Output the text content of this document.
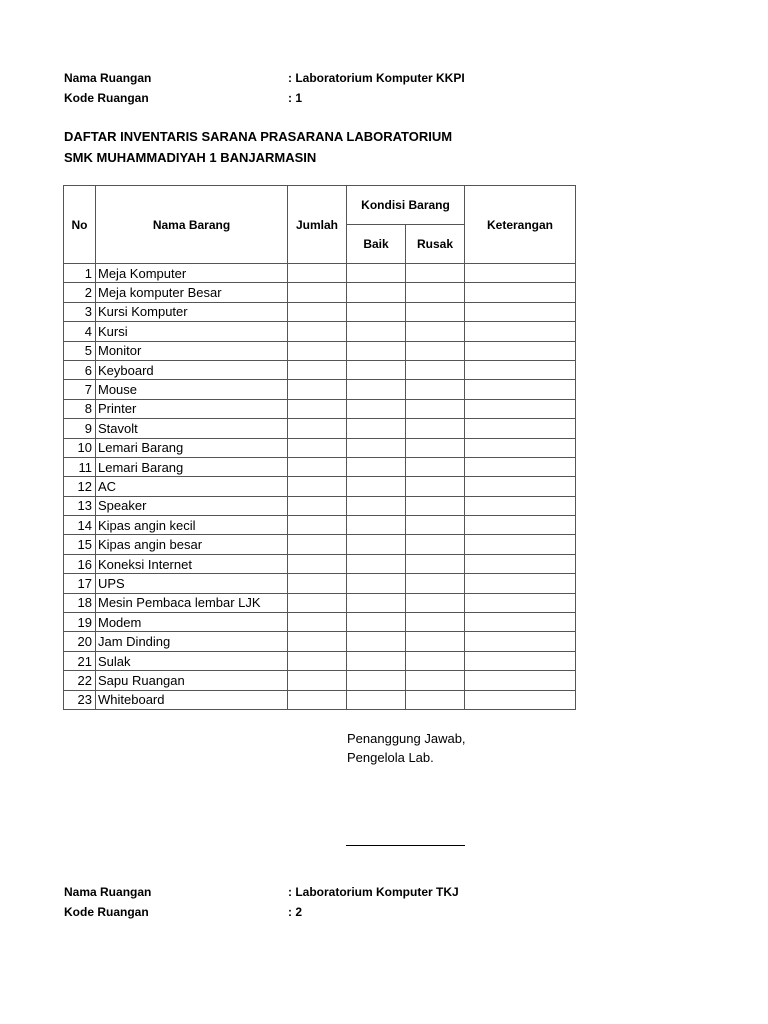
Nama Ruangan	: Laboratorium Komputer KKPI
Kode Ruangan	: 1
DAFTAR INVENTARIS SARANA PRASARANA LABORATORIUM
SMK MUHAMMADIYAH 1 BANJARMASIN
No	Nama Barang	Jumlah	Kondisi Barang		Keterangan
			Baik	Rusak	
1	Meja Komputer				
2	Meja komputer Besar				
3	Kursi Komputer				
4	Kursi				
5	Monitor				
6	Keyboard				
7	Mouse				
8	Printer				
9	Stavolt				
10	Lemari Barang				
11	Lemari Barang				
12	AC				
13	Speaker				
14	Kipas angin kecil				
15	Kipas angin besar				
16	Koneksi Internet				
17	UPS				
18	Mesin Pembaca lembar LJK				
19	Modem				
20	Jam Dinding				
21	Sulak				
22	Sapu Ruangan				
23	Whiteboard				
Penanggung Jawab,
Pengelola Lab.
Nama Ruangan	: Laboratorium Komputer TKJ
Kode Ruangan	: 2
